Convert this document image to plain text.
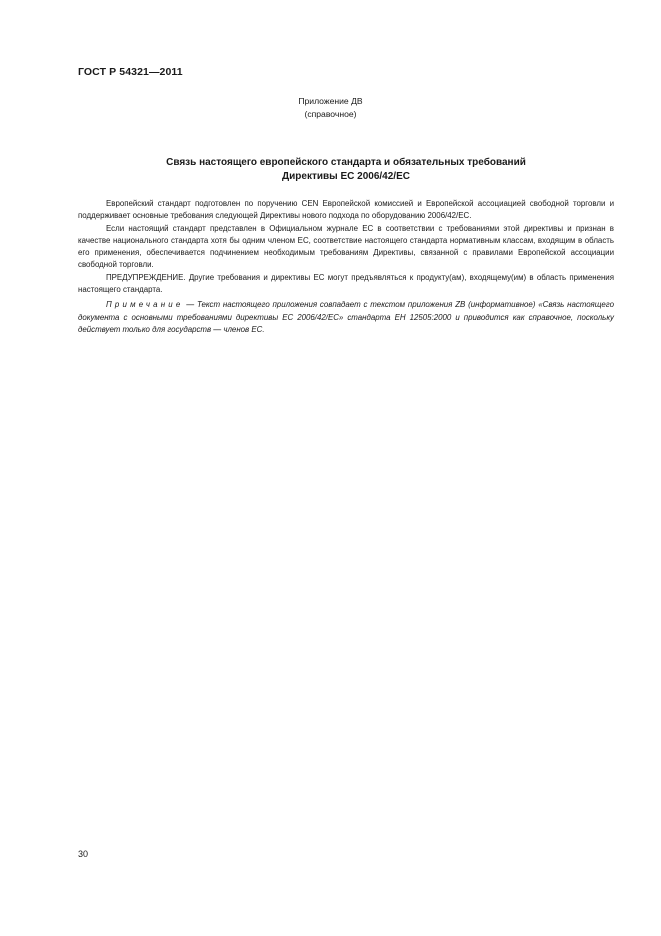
ГОСТ Р 54321—2011
Приложение ДВ
(справочное)
Связь настоящего европейского стандарта и обязательных требований
Директивы ЕС 2006/42/ЕС

Европейский стандарт подготовлен по поручению CEN Европейской комиссией и Европейской ассоциацией свободной торговли и поддерживает основные требования следующей Директивы нового подхода по оборудованию 2006/42/ЕС.

Если настоящий стандарт представлен в Официальном журнале ЕС в соответствии с требованиями этой директивы и признан в качестве национального стандарта хотя бы одним членом ЕС, соответствие настоящего стандарта нормативным классам, входящим в область его применения, обеспечивается подчинением необходимым требованиям Директивы, связанной с правилами Европейской ассоциации свободной торговли.

ПРЕДУПРЕЖДЕНИЕ. Другие требования и директивы ЕС могут предъявляться к продукту(ам), входящему(им) в область применения настоящего стандарта.

Примечание — Текст настоящего приложения совпадает с текстом приложения ZB (информативное) «Связь настоящего документа с основными требованиями директивы ЕС 2006/42/ЕС» стандарта ЕН 12505:2000 и приводится как справочное, поскольку действует только для государств — членов ЕС.

30
